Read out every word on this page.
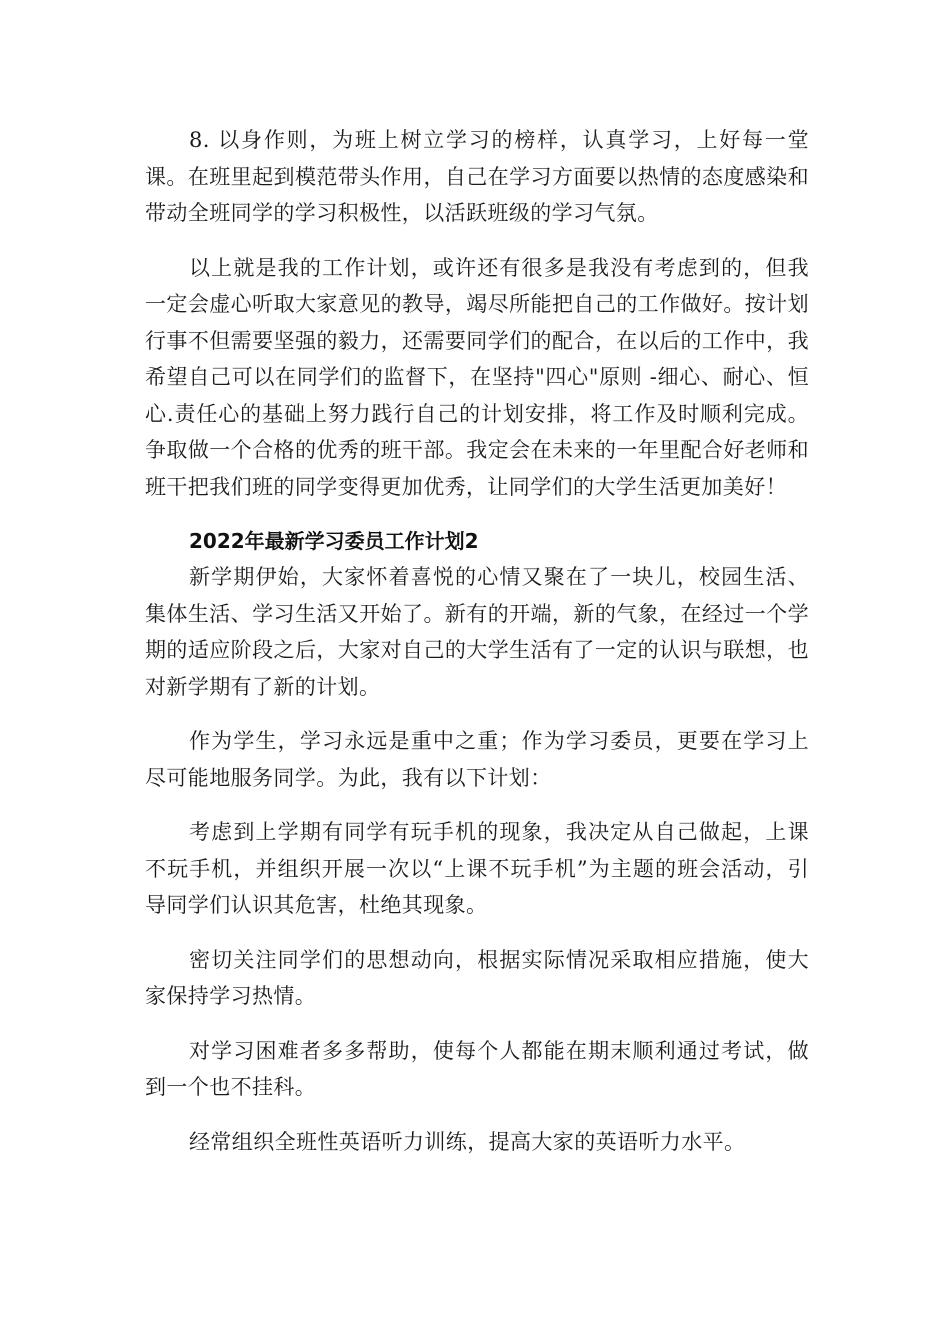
8. 以身作则，为班上树立学习的榜样，认真学习，上好每一堂课。在班里起到模范带头作用，自己在学习方面要以热情的态度感染和带动全班同学的学习积极性，以活跃班级的学习气氛。

以上就是我的工作计划，或许还有很多是我没有考虑到的，但我一定会虚心听取大家意见的教导，竭尽所能把自己的工作做好。按计划行事不但需要坚强的毅力，还需要同学们的配合，在以后的工作中，我希望自己可以在同学们的监督下，在坚持"四心"原则 -细心、耐心、恒心.责任心的基础上努力践行自己的计划安排，将工作及时顺利完成。争取做一个合格的优秀的班干部。我定会在未来的一年里配合好老师和班干把我们班的同学变得更加优秀，让同学们的大学生活更加美好！

2022年最新学习委员工作计划2

新学期伊始，大家怀着喜悦的心情又聚在了一块儿，校园生活、集体生活、学习生活又开始了。新有的开端，新的气象，在经过一个学期的适应阶段之后，大家对自己的大学生活有了一定的认识与联想，也对新学期有了新的计划。

作为学生，学习永远是重中之重；作为学习委员，更要在学习上尽可能地服务同学。为此，我有以下计划：

考虑到上学期有同学有玩手机的现象，我决定从自己做起，上课不玩手机，并组织开展一次以“上课不玩手机”为主题的班会活动，引导同学们认识其危害，杜绝其现象。

密切关注同学们的思想动向，根据实际情况采取相应措施，使大家保持学习热情。

对学习困难者多多帮助，使每个人都能在期末顺利通过考试，做到一个也不挂科。

经常组织全班性英语听力训练，提高大家的英语听力水平。
